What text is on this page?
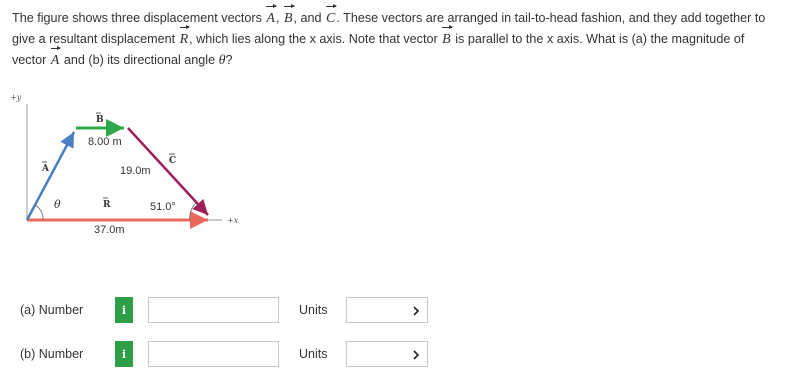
The figure shows three displacement vectors A, B, and C. These vectors are arranged in tail-to-head fashion, and they add together to give a resultant displacement R, which lies along the x axis. Note that vector B is parallel to the x axis. What is (a) the magnitude of vector A and (b) its directional angle θ?
+y
+x
B
A
C
R
8.00 m
19.0m
37.0m
51.0°
θ
(a) Number	i	Units
(b) Number	i	Units
